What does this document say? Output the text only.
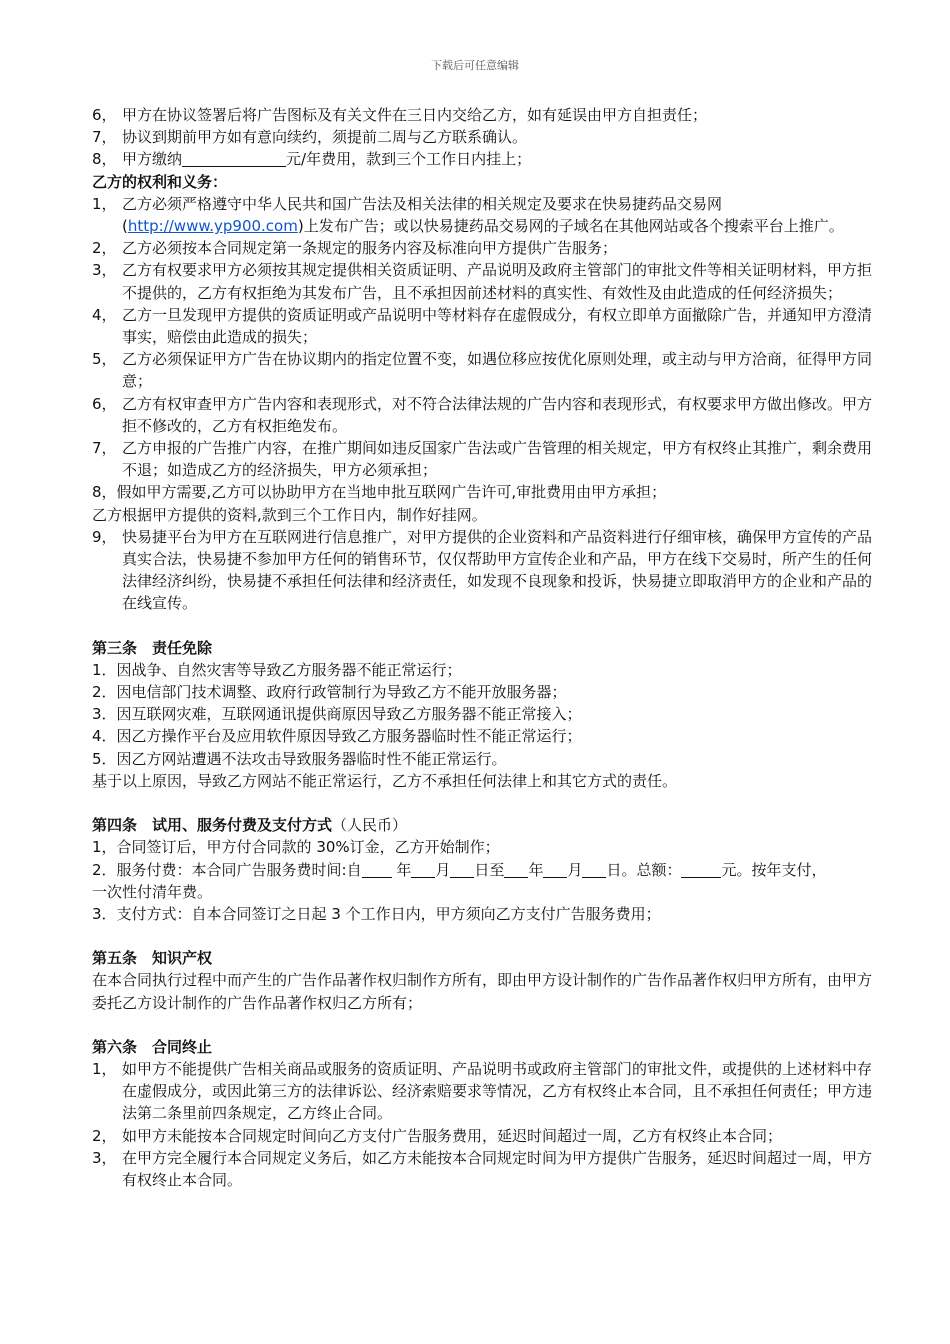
下载后可任意编辑
6， 甲方在协议签署后将广告图标及有关文件在三日内交给乙方，如有延误由甲方自担责任；
7， 协议到期前甲方如有意向续约，须提前二周与乙方联系确认。
8， 甲方缴纳	元/年费用，款到三个工作日内挂上；
乙方的权利和义务：
1， 乙方必须严格遵守中华人民共和国广告法及相关法律的相关规定及要求在快易捷药品交易网(http://www.yp900.com)上发布广告；或以快易捷药品交易网的子域名在其他网站或各个搜索平台上推广。
2， 乙方必须按本合同规定第一条规定的服务内容及标准向甲方提供广告服务；
3， 乙方有权要求甲方必须按其规定提供相关资质证明、产品说明及政府主管部门的审批文件等相关证明材料，甲方拒不提供的，乙方有权拒绝为其发布广告，且不承担因前述材料的真实性、有效性及由此造成的任何经济损失；
4， 乙方一旦发现甲方提供的资质证明或产品说明中等材料存在虚假成分，有权立即单方面撤除广告，并通知甲方澄清事实，赔偿由此造成的损失；
5， 乙方必须保证甲方广告在协议期内的指定位置不变，如遇位移应按优化原则处理，或主动与甲方洽商，征得甲方同意；
6， 乙方有权审查甲方广告内容和表现形式，对不符合法律法规的广告内容和表现形式，有权要求甲方做出修改。甲方拒不修改的，乙方有权拒绝发布。
7， 乙方申报的广告推广内容，在推广期间如违反国家广告法或广告管理的相关规定，甲方有权终止其推广，剩余费用不退；如造成乙方的经济损失，甲方必须承担；
8，假如甲方需要,乙方可以协助甲方在当地申批互联网广告许可,审批费用由甲方承担；
乙方根据甲方提供的资料,款到三个工作日内，制作好挂网。
9， 快易捷平台为甲方在互联网进行信息推广，对甲方提供的企业资料和产品资料进行仔细审核，确保甲方宣传的产品真实合法，快易捷不参加甲方任何的销售环节，仅仅帮助甲方宣传企业和产品，甲方在线下交易时，所产生的任何法律经济纠纷，快易捷不承担任何法律和经济责任，如发现不良现象和投诉，快易捷立即取消甲方的企业和产品的在线宣传。
第三条　责任免除
1．因战争、自然灾害等导致乙方服务器不能正常运行；
2．因电信部门技术调整、政府行政管制行为导致乙方不能开放服务器；
3．因互联网灾难，互联网通讯提供商原因导致乙方服务器不能正常接入；
4．因乙方操作平台及应用软件原因导致乙方服务器临时性不能正常运行；
5．因乙方网站遭遇不法攻击导致服务器临时性不能正常运行。
基于以上原因，导致乙方网站不能正常运行，乙方不承担任何法律上和其它方式的责任。
第四条　试用、服务付费及支付方式（人民币）
1，合同签订后，甲方付合同款的 30%订金，乙方开始制作；
2．服务付费：本合同广告服务费时间:自 年 月 日至 年 月 日。总额：	元。按年支付，
一次性付清年费。
3．支付方式：自本合同签订之日起 3 个工作日内，甲方须向乙方支付广告服务费用；
第五条　知识产权
在本合同执行过程中而产生的广告作品著作权归制作方所有，即由甲方设计制作的广告作品著作权归甲方所有，由甲方委托乙方设计制作的广告作品著作权归乙方所有；
第六条　合同终止
1， 如甲方不能提供广告相关商品或服务的资质证明、产品说明书或政府主管部门的审批文件，或提供的上述材料中存在虚假成分，或因此第三方的法律诉讼、经济索赔要求等情况，乙方有权终止本合同，且不承担任何责任；甲方违法第二条里前四条规定，乙方终止合同。
2， 如甲方未能按本合同规定时间向乙方支付广告服务费用，延迟时间超过一周，乙方有权终止本合同；
3， 在甲方完全履行本合同规定义务后，如乙方未能按本合同规定时间为甲方提供广告服务，延迟时间超过一周，甲方有权终止本合同。
